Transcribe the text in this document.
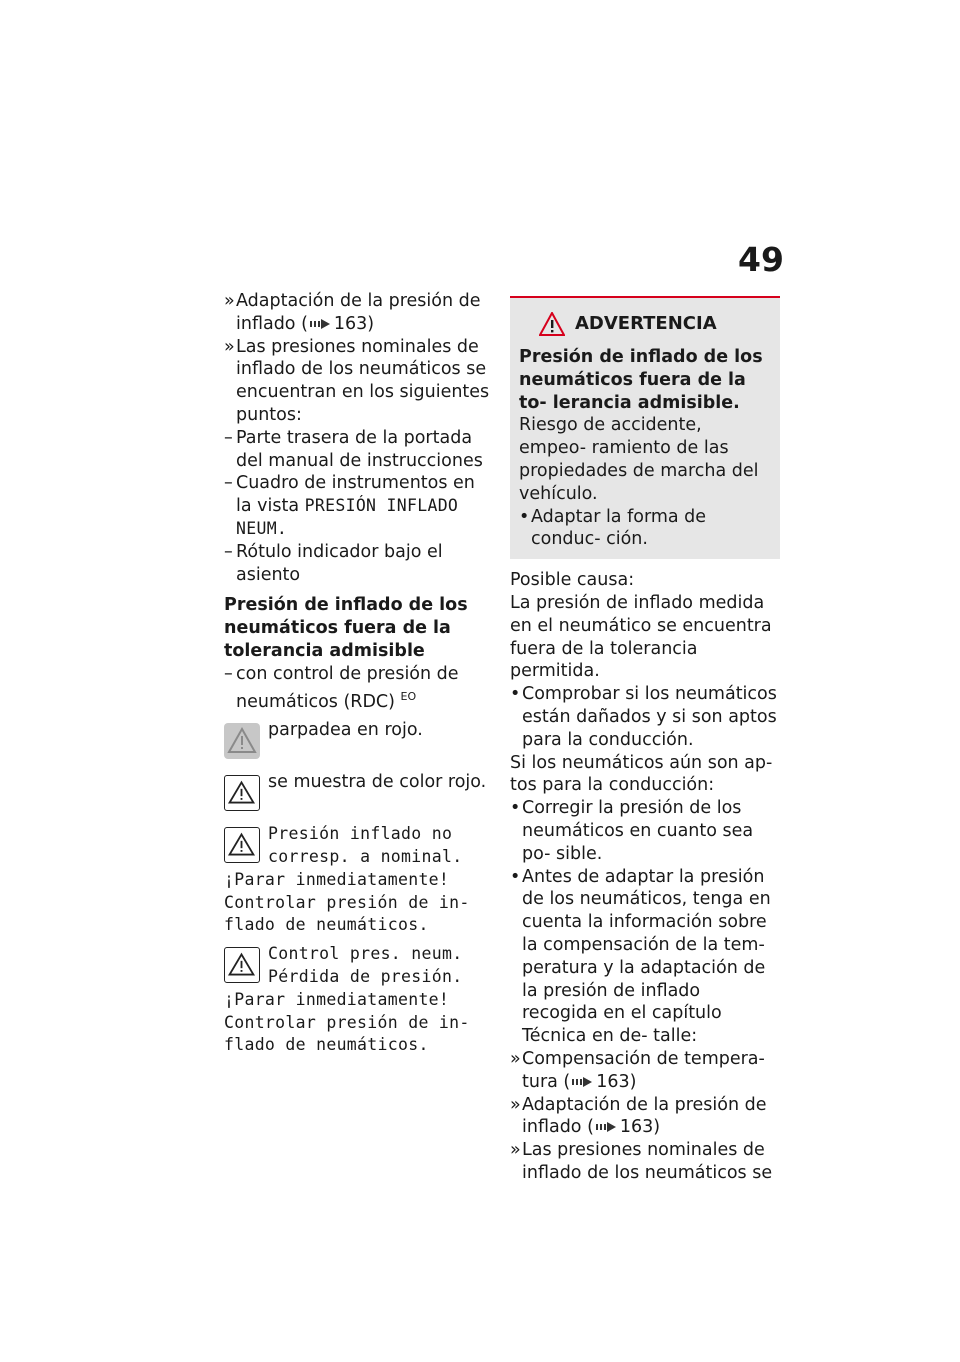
49
» Adaptación de la presión de inflado ( 163)
» Las presiones nominales de inflado de los neumáticos se encuentran en los siguientes puntos:
– Parte trasera de la portada del manual de instrucciones
– Cuadro de instrumentos en la vista PRESIÓN INFLADO NEUM.
– Rótulo indicador bajo el asiento
Presión de inflado de los neumáticos fuera de la tolerancia admisible
– con control de presión de neumáticos (RDC) $^{EO}$
parpadea en rojo.
se muestra de color rojo.
Presión inflado no corresp. a nominal. ¡Parar inmediatamente! Controlar presión de in- flado de neumáticos.
Control pres. neum. Pérdida de presión. ¡Parar inmediatamente! Controlar presión de in- flado de neumáticos.
ADVERTENCIA
Presión de inflado de los neumáticos fuera de la to- lerancia admisible.
Riesgo de accidente, empeo- ramiento de las propiedades de marcha del vehículo.
• Adaptar la forma de conduc- ción.
Posible causa:
La presión de inflado medida en el neumático se encuentra fuera de la tolerancia permitida.
• Comprobar si los neumáticos están dañados y si son aptos para la conducción.
Si los neumáticos aún son ap- tos para la conducción:
• Corregir la presión de los neumáticos en cuanto sea po- sible.
• Antes de adaptar la presión de los neumáticos, tenga en cuenta la información sobre la compensación de la tem- peratura y la adaptación de la presión de inflado recogida en el capítulo Técnica en de- talle:
» Compensación de tempera- tura ( 163)
» Adaptación de la presión de inflado ( 163)
» Las presiones nominales de inflado de los neumáticos se
